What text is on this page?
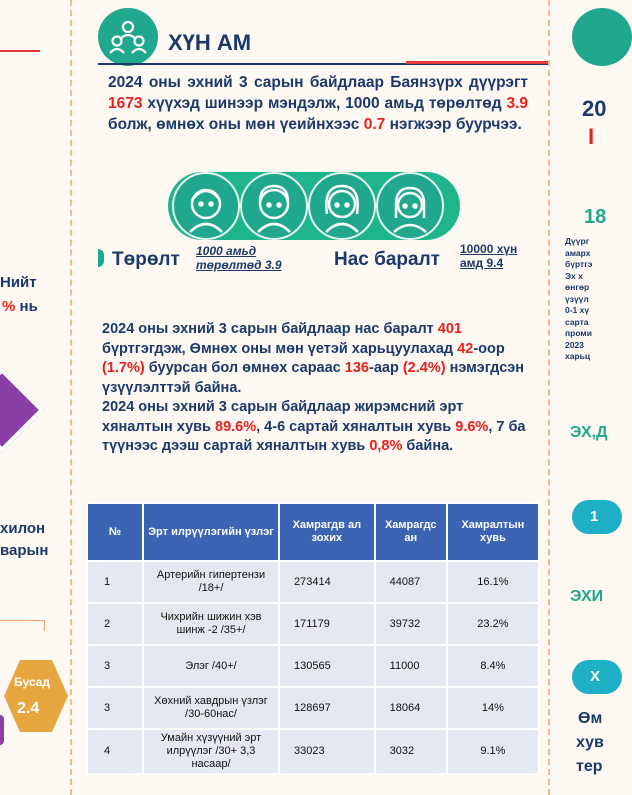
Нийт
% нь
хилон
варын
Бусад
2.4
ХҮН АМ
2024 оны эхний 3 сарын байдлаар Баянзүрх дүүрэгт 1673 хүүхэд шинээр мэндэлж, 1000 амьд төрөлтөд 3.9 болж, өмнөх оны мөн үеийнхээс 0.7 нэгжээр буурчээ.
Төрөлт 1000 амьд төрөлтөд 3.9	Нас баралт 10000 хүн амд 9.4
2024 оны эхний 3 сарын байдлаар нас баралт 401 бүртгэгдэж, Өмнөх оны мөн үетэй харьцуулахад 42-оор (1.7%) буурсан бол өмнөх сараас 136-аар (2.4%) нэмэгдсэн үзүүлэлттэй байна.
2024 оны эхний 3 сарын байдлаар жирэмсний эрт хяналтын хувь 89.6%, 4-6 сартай хяналтын хувь 9.6%, 7 ба түүнээс дээш сартай хяналтын хувь 0,8% байна.
№	Эрт илрүүлэгийн үзлэг	Хамрагдв ал зохих	Хамрагдс ан	Хамралтын хувь
1	Артерийн гипертензи /18+/	273414	44087	16.1%
2	Чихрийн шижин хэв шинж -2 /35+/	171179	39732	23.2%
3	Элэг /40+/	130565	11000	8.4%
3	Хөхний хавдрын үзлэг /30-60нас/	128697	18064	14%
4	Умайн хүзүүний эрт илрүүлэг /30+ 3,3 насаар/	33023	3032	9.1%
20
I
18
Дүүрг
амарх
бүртгэ
Эх х
өнгөр
үзүүл
0-1 хү
сарта
проми
2023
харьц
ЭХ,Д
1
ЭХИ
Х
Өм
хув
тер
